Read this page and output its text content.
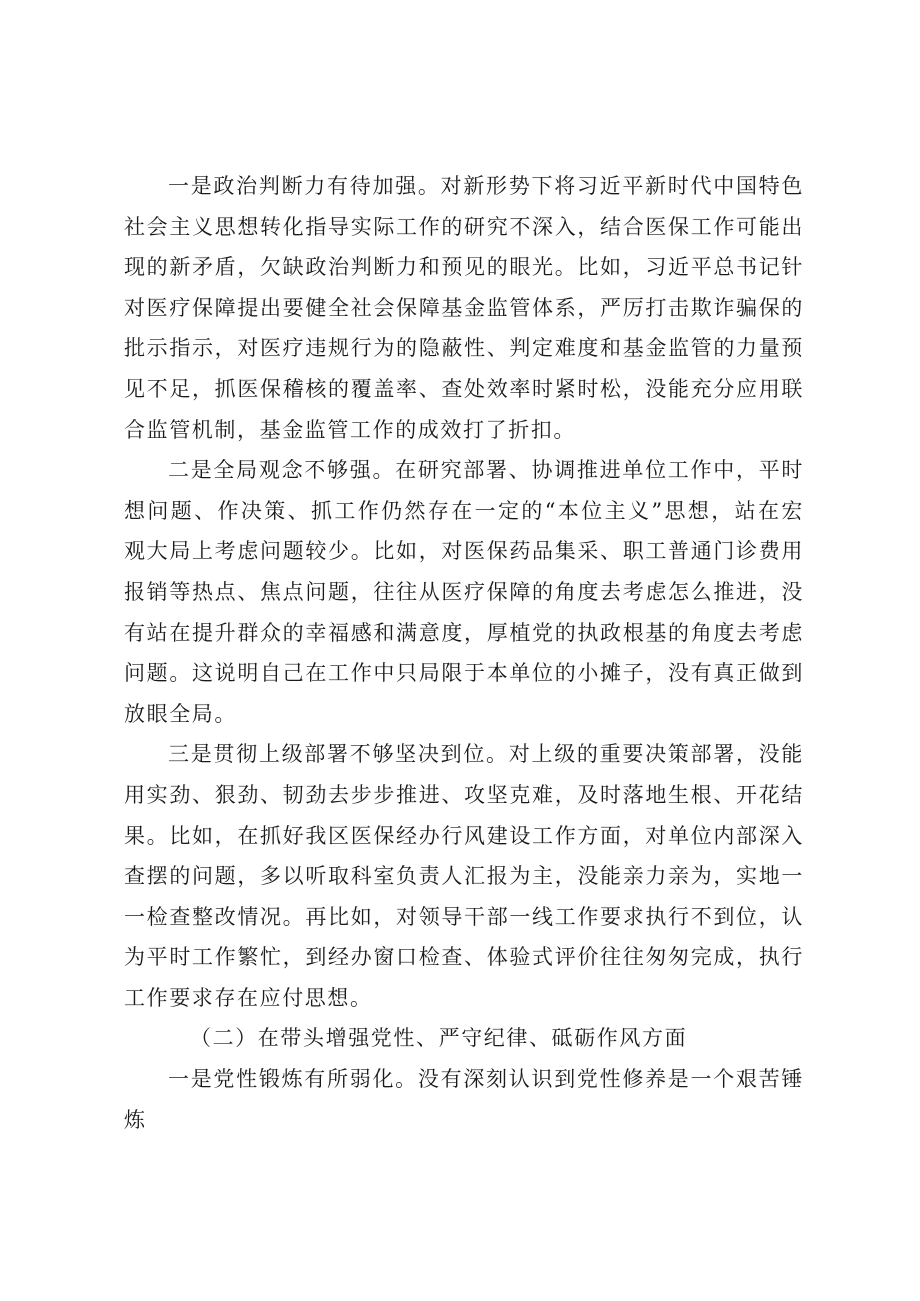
一是政治判断力有待加强。对新形势下将习近平新时代中国特色社会主义思想转化指导实际工作的研究不深入，结合医保工作可能出现的新矛盾，欠缺政治判断力和预见的眼光。比如，习近平总书记针对医疗保障提出要健全社会保障基金监管体系，严厉打击欺诈骗保的批示指示，对医疗违规行为的隐蔽性、判定难度和基金监管的力量预见不足，抓医保稽核的覆盖率、查处效率时紧时松，没能充分应用联合监管机制，基金监管工作的成效打了折扣。

二是全局观念不够强。在研究部署、协调推进单位工作中，平时想问题、作决策、抓工作仍然存在一定的“本位主义”思想，站在宏观大局上考虑问题较少。比如，对医保药品集采、职工普通门诊费用报销等热点、焦点问题，往往从医疗保障的角度去考虑怎么推进，没有站在提升群众的幸福感和满意度，厚植党的执政根基的角度去考虑问题。这说明自己在工作中只局限于本单位的小摊子，没有真正做到放眼全局。

三是贯彻上级部署不够坚决到位。对上级的重要决策部署，没能用实劲、狠劲、韧劲去步步推进、攻坚克难，及时落地生根、开花结果。比如，在抓好我区医保经办行风建设工作方面，对单位内部深入查摆的问题，多以听取科室负责人汇报为主，没能亲力亲为，实地一一检查整改情况。再比如，对领导干部一线工作要求执行不到位，认为平时工作繁忙，到经办窗口检查、体验式评价往往匆匆完成，执行工作要求存在应付思想。

（二）在带头增强党性、严守纪律、砥砺作风方面

一是党性锻炼有所弱化。没有深刻认识到党性修养是一个艰苦锤炼
